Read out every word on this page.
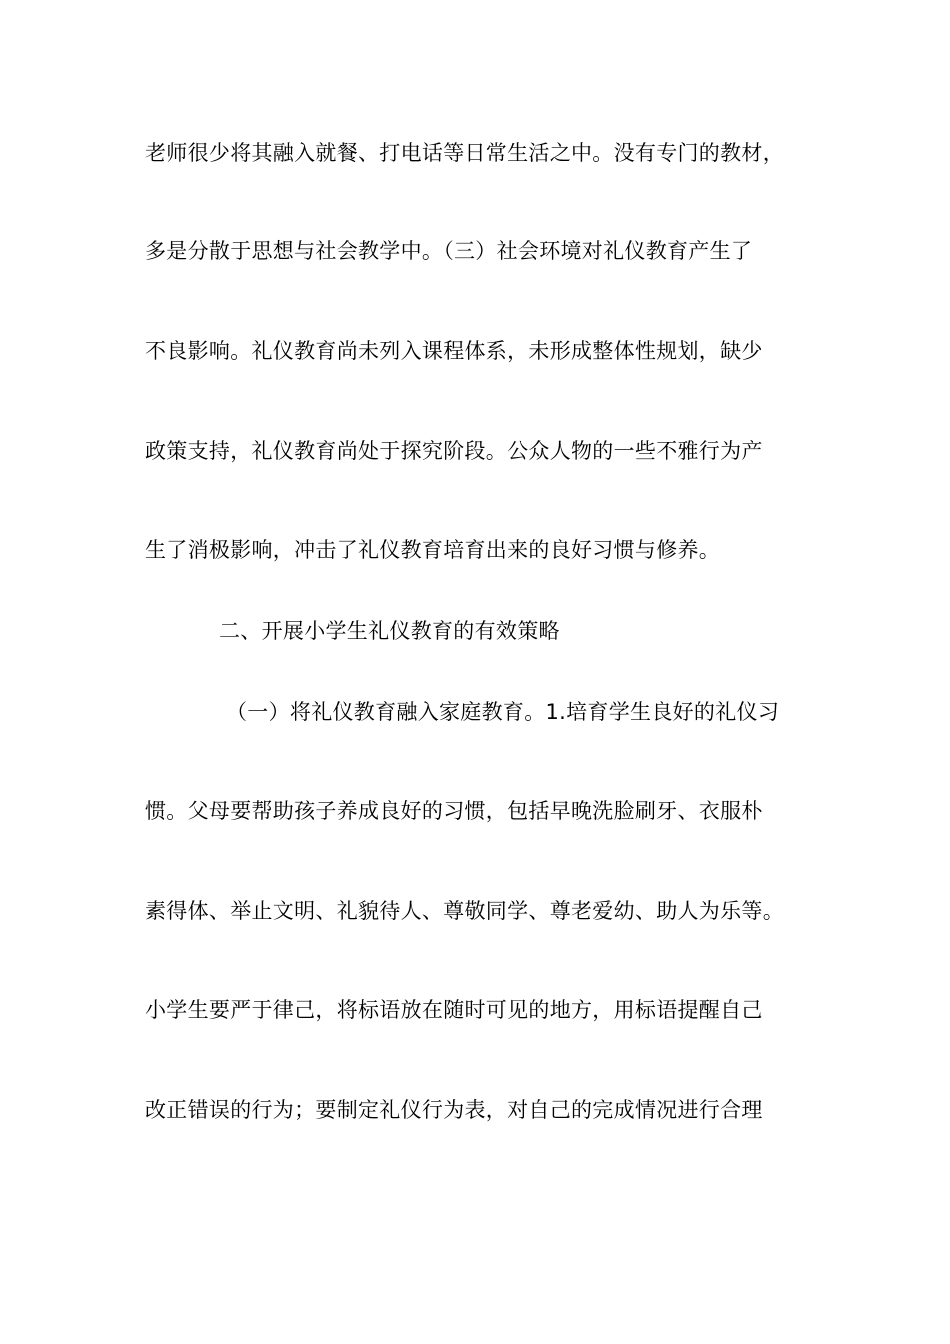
老师很少将其融入就餐、打电话等日常生活之中。没有专门的教材，
多是分散于思想与社会教学中。（三）社会环境对礼仪教育产生了
不良影响。礼仪教育尚未列入课程体系，未形成整体性规划，缺少
政策支持，礼仪教育尚处于探究阶段。公众人物的一些不雅行为产
生了消极影响，冲击了礼仪教育培育出来的良好习惯与修养。
二、开展小学生礼仪教育的有效策略
（一）将礼仪教育融入家庭教育。1.培育学生良好的礼仪习
惯。父母要帮助孩子养成良好的习惯，包括早晚洗脸刷牙、衣服朴
素得体、举止文明、礼貌待人、尊敬同学、尊老爱幼、助人为乐等。
小学生要严于律己，将标语放在随时可见的地方，用标语提醒自己
改正错误的行为；要制定礼仪行为表，对自己的完成情况进行合理
